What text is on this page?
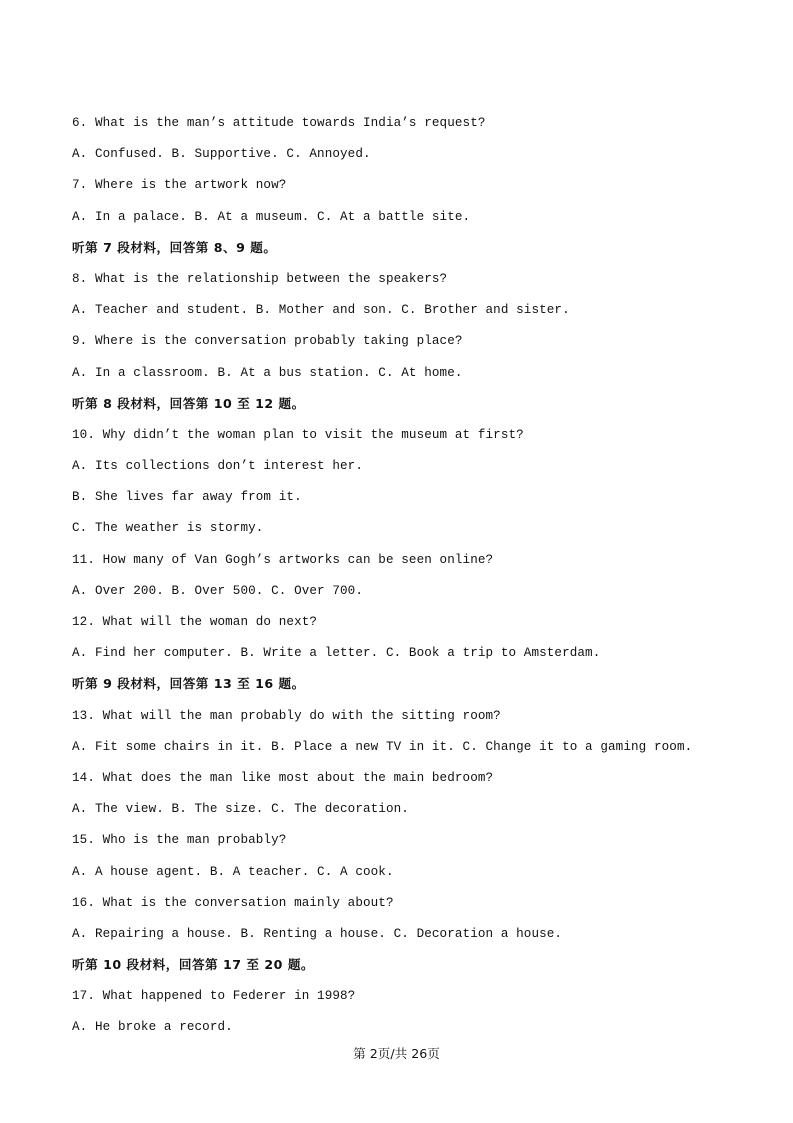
6. What is the man’s attitude towards India’s request?
A. Confused. B. Supportive. C. Annoyed.
7. Where is the artwork now?
A. In a palace. B. At a museum. C. At a battle site.
听第 7 段材料，回答第 8、9 题。
8. What is the relationship between the speakers?
A. Teacher and student. B. Mother and son. C. Brother and sister.
9. Where is the conversation probably taking place?
A. In a classroom. B. At a bus station. C. At home.
听第 8 段材料，回答第 10 至 12 题。
10. Why didn’t the woman plan to visit the museum at first?
A. Its collections don’t interest her.
B. She lives far away from it.
C. The weather is stormy.
11. How many of Van Gogh’s artworks can be seen online?
A. Over 200. B. Over 500. C. Over 700.
12. What will the woman do next?
A. Find her computer. B. Write a letter. C. Book a trip to Amsterdam.
听第 9 段材料，回答第 13 至 16 题。
13. What will the man probably do with the sitting room?
A. Fit some chairs in it. B. Place a new TV in it. C. Change it to a gaming room.
14. What does the man like most about the main bedroom?
A. The view. B. The size. C. The decoration.
15. Who is the man probably?
A. A house agent. B. A teacher. C. A cook.
16. What is the conversation mainly about?
A. Repairing a house. B. Renting a house. C. Decoration a house.
听第 10 段材料，回答第 17 至 20 题。
17. What happened to Federer in 1998?
A. He broke a record.
第 2页/共 26页
